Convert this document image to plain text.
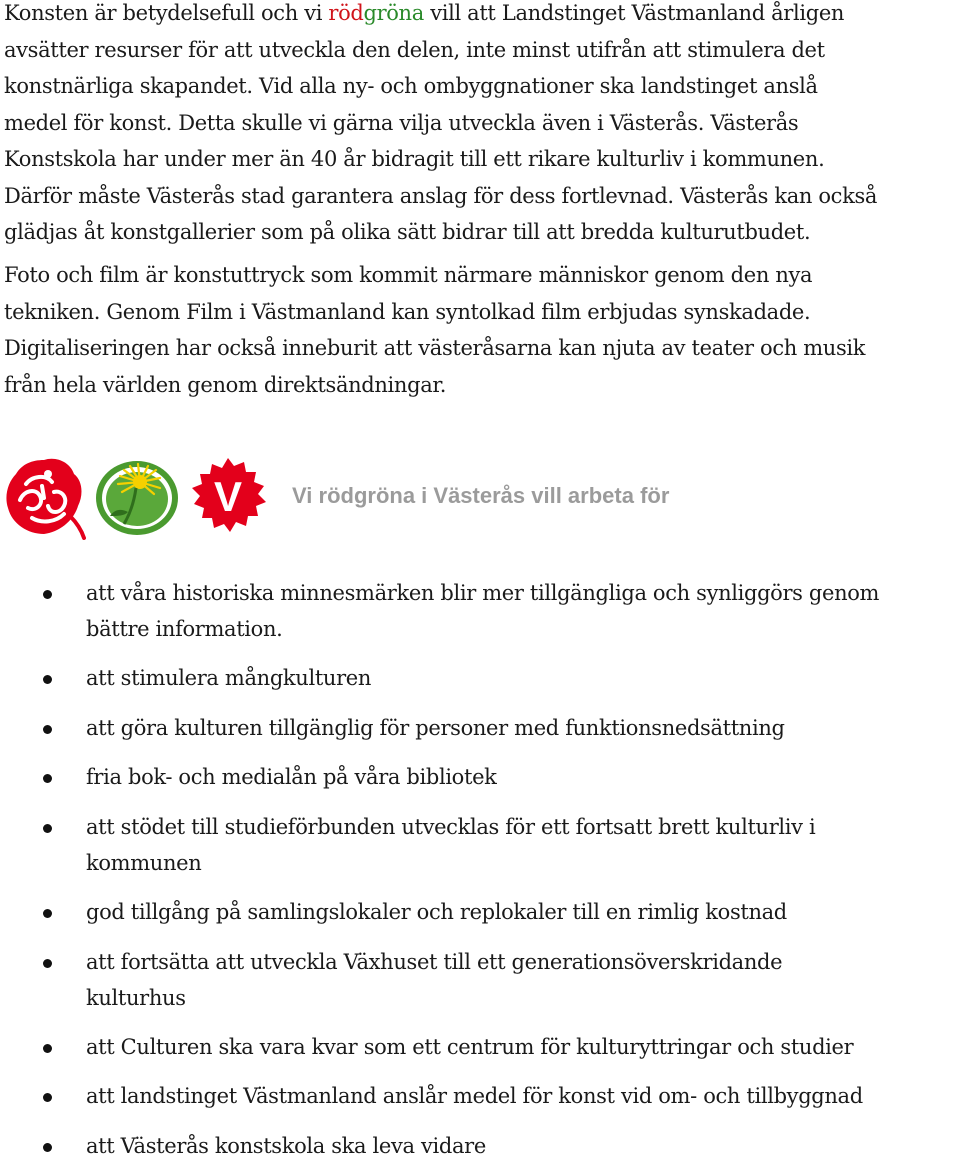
Konsten är betydelsefull och vi rödgröna vill att Landstinget Västmanland årligen
avsätter resurser för att utveckla den delen, inte minst utifrån att stimulera det
konstnärliga skapandet. Vid alla ny- och ombyggnationer ska landstinget anslå
medel för konst. Detta skulle vi gärna vilja utveckla även i Västerås. Västerås
Konstskola har under mer än 40 år bidragit till ett rikare kulturliv i kommunen.
Därför måste Västerås stad garantera anslag för dess fortlevnad. Västerås kan också
glädjas åt konstgallerier som på olika sätt bidrar till att bredda kulturutbudet.
Foto och film är konstuttryck som kommit närmare människor genom den nya
tekniken. Genom Film i Västmanland kan syntolkad film erbjudas synskadade.
Digitaliseringen har också inneburit att västeråsarna kan njuta av teater och musik
från hela världen genom direktsändningar.
V Vi rödgröna i Västerås vill arbeta för
att våra historiska minnesmärken blir mer tillgängliga och synliggörs genom
bättre information.
att stimulera mångkulturen
att göra kulturen tillgänglig för personer med funktionsnedsättning
fria bok- och medialån på våra bibliotek
att stödet till studieförbunden utvecklas för ett fortsatt brett kulturliv i
kommunen
god tillgång på samlingslokaler och replokaler till en rimlig kostnad
att fortsätta att utveckla Växhuset till ett generationsöverskridande
kulturhus
att Culturen ska vara kvar som ett centrum för kulturyttringar och studier
att landstinget Västmanland anslår medel för konst vid om- och tillbyggnad
att Västerås konstskola ska leva vidare
